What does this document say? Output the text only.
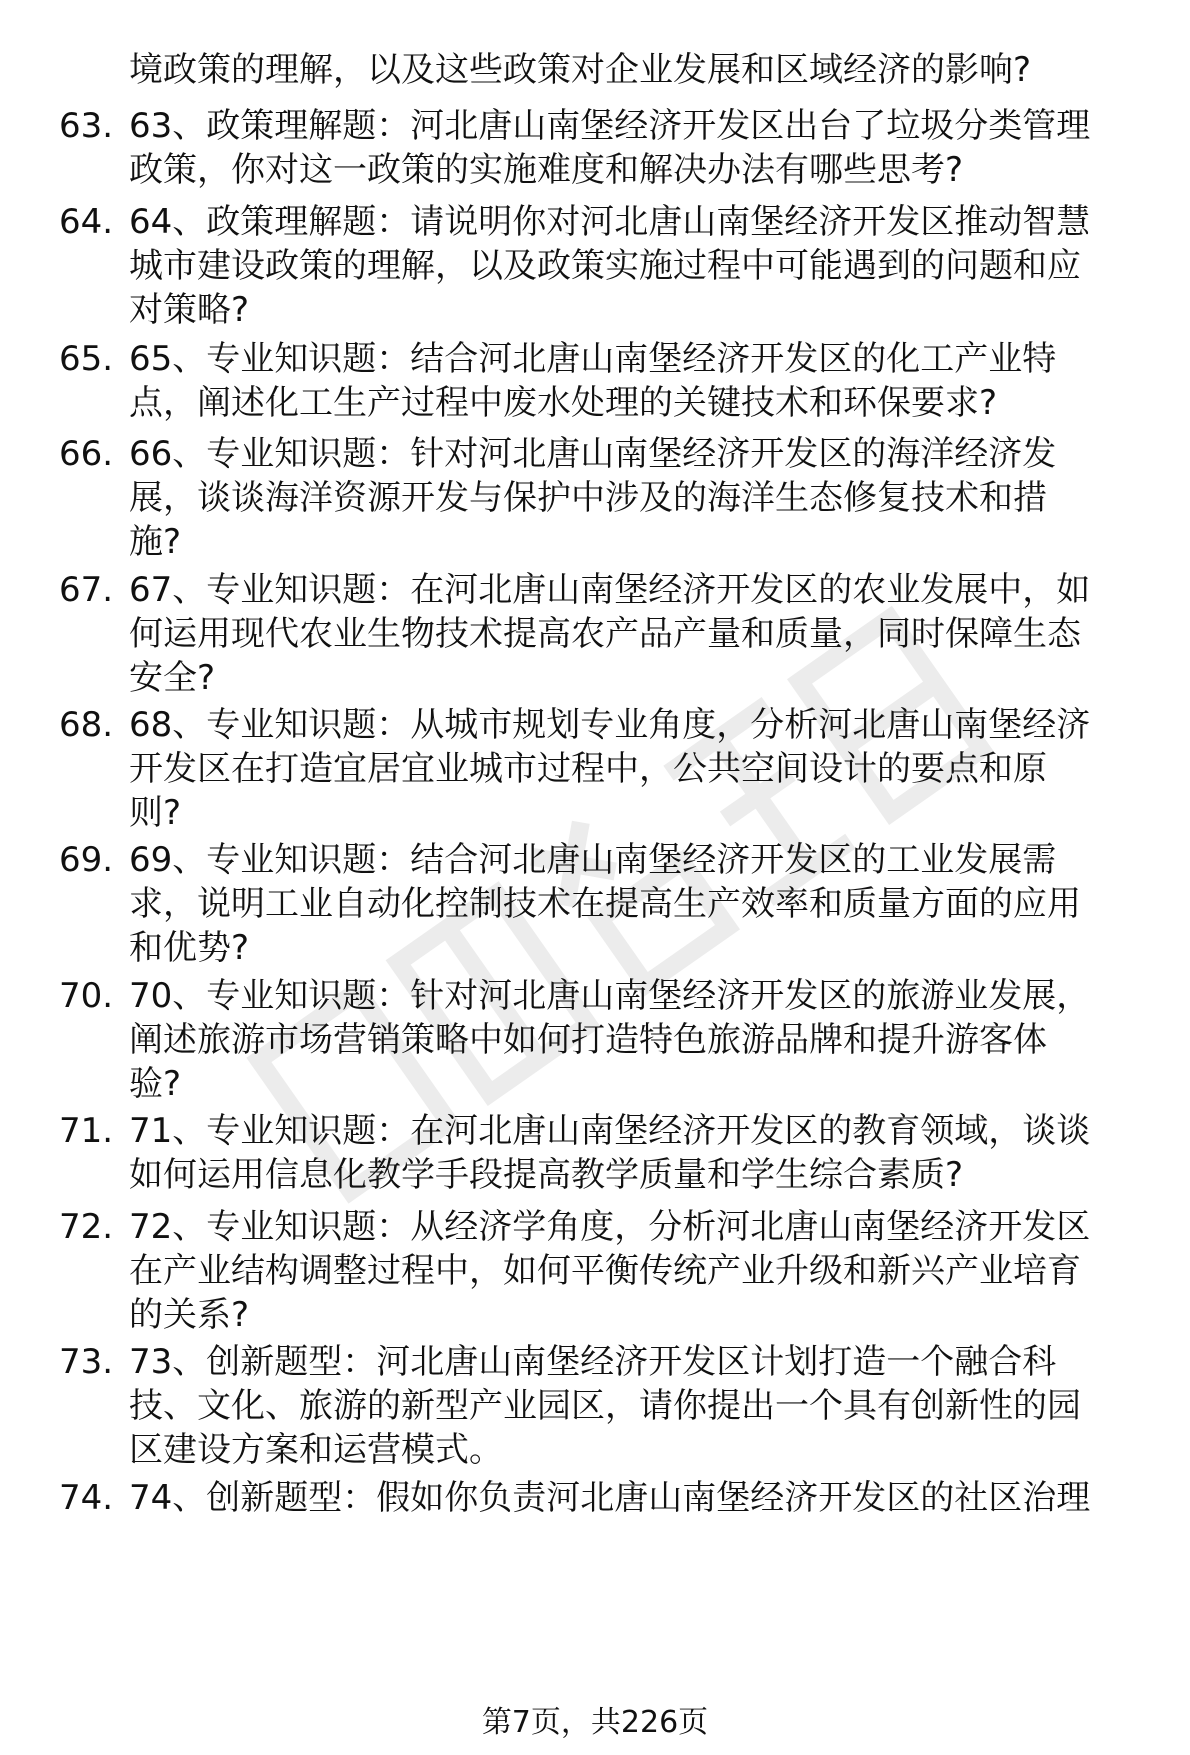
境政策的理解，以及这些政策对企业发展和区域经济的影响?
63. 63、政策理解题：河北唐山南堡经济开发区出台了垃圾分类管理
政策，你对这一政策的实施难度和解决办法有哪些思考?
64. 64、政策理解题：请说明你对河北唐山南堡经济开发区推动智慧
城市建设政策的理解，以及政策实施过程中可能遇到的问题和应
对策略?
65. 65、专业知识题：结合河北唐山南堡经济开发区的化工产业特
点，阐述化工生产过程中废水处理的关键技术和环保要求?
66. 66、专业知识题：针对河北唐山南堡经济开发区的海洋经济发
展，谈谈海洋资源开发与保护中涉及的海洋生态修复技术和措
施?
67. 67、专业知识题：在河北唐山南堡经济开发区的农业发展中，如
何运用现代农业生物技术提高农产品产量和质量，同时保障生态
安全?
68. 68、专业知识题：从城市规划专业角度，分析河北唐山南堡经济
开发区在打造宜居宜业城市过程中，公共空间设计的要点和原
则?
69. 69、专业知识题：结合河北唐山南堡经济开发区的工业发展需
求，说明工业自动化控制技术在提高生产效率和质量方面的应用
和优势?
70. 70、专业知识题：针对河北唐山南堡经济开发区的旅游业发展，
阐述旅游市场营销策略中如何打造特色旅游品牌和提升游客体
验?
71. 71、专业知识题：在河北唐山南堡经济开发区的教育领域，谈谈
如何运用信息化教学手段提高教学质量和学生综合素质?
72. 72、专业知识题：从经济学角度，分析河北唐山南堡经济开发区
在产业结构调整过程中，如何平衡传统产业升级和新兴产业培育
的关系?
73. 73、创新题型：河北唐山南堡经济开发区计划打造一个融合科
技、文化、旅游的新型产业园区，请你提出一个具有创新性的园
区建设方案和运营模式。
74. 74、创新题型：假如你负责河北唐山南堡经济开发区的社区治理
第7页，共226页
